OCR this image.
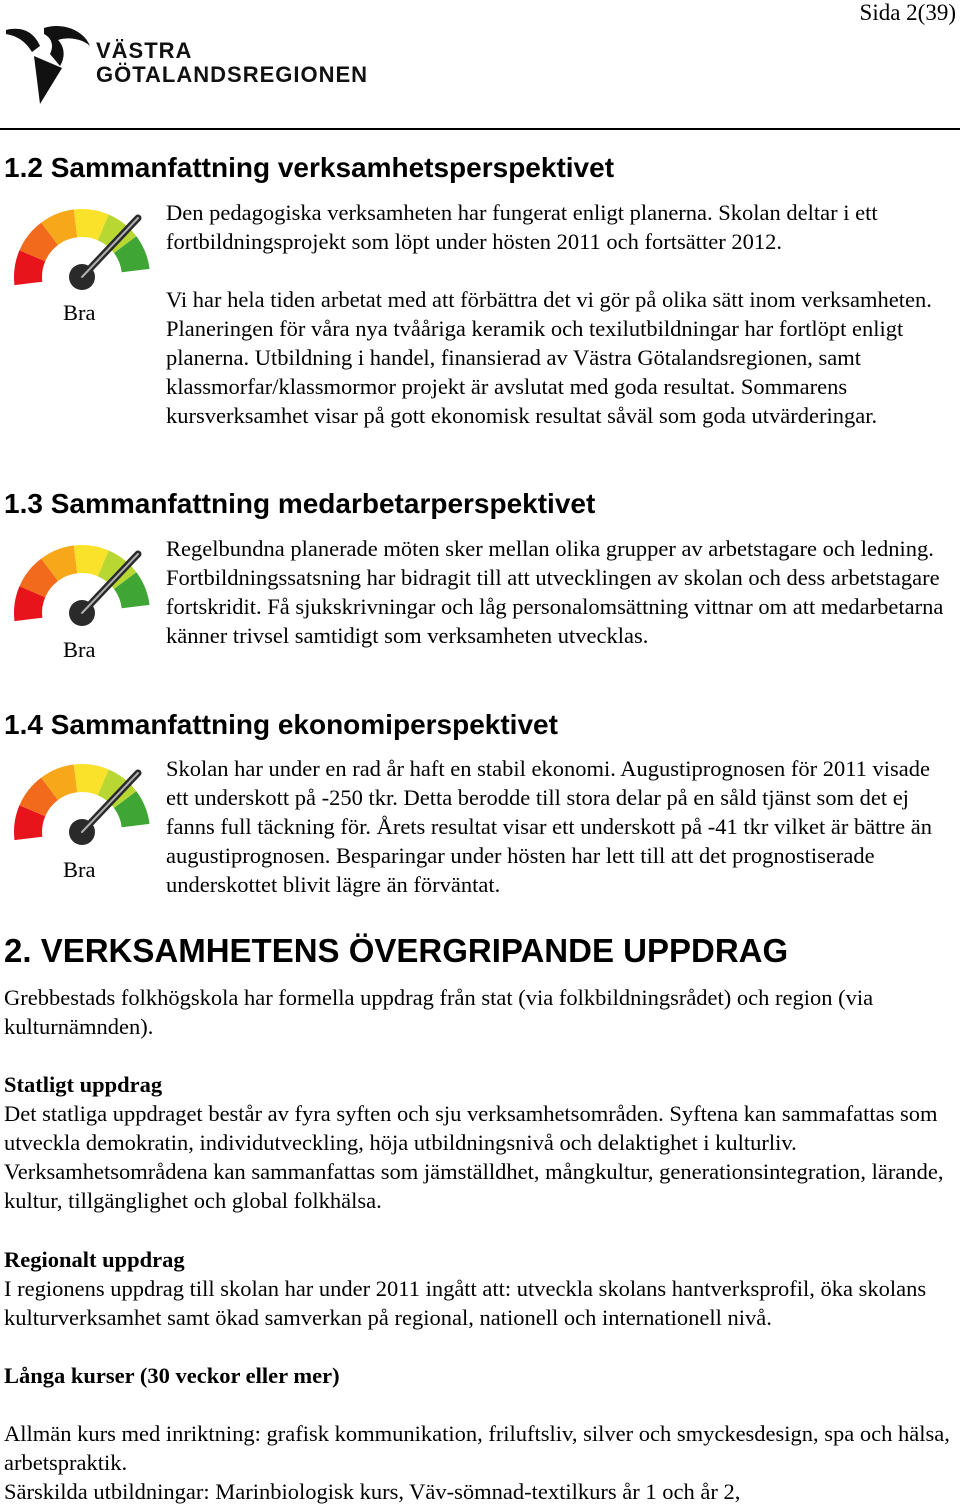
Sida 2(39)
VÄSTRA
GÖTALANDSREGIONEN
1.2 Sammanfattning verksamhetsperspektivet
Bra

Den pedagogiska verksamheten har fungerat enligt planerna. Skolan deltar i ett fortbildningsprojekt som löpt under hösten 2011 och fortsätter 2012.

Vi har hela tiden arbetat med att förbättra det vi gör på olika sätt inom verksamheten. Planeringen för våra nya tvååriga keramik och texilutbildningar har fortlöpt enligt planerna. Utbildning i handel, finansierad av Västra Götalandsregionen, samt klassmorfar/klassmormor projekt är avslutat med goda resultat. Sommarens kursverksamhet visar på gott ekonomisk resultat såväl som goda utvärderingar.

1.3 Sammanfattning medarbetarperspektivet
Bra

Regelbundna planerade möten sker mellan olika grupper av arbetstagare och ledning. Fortbildningssatsning har bidragit till att utvecklingen av skolan och dess arbetstagare fortskridit. Få sjukskrivningar och låg personalomsättning vittnar om att medarbetarna känner trivsel samtidigt som verksamheten utvecklas.

1.4 Sammanfattning ekonomiperspektivet
Bra

Skolan har under en rad år haft en stabil ekonomi. Augustiprognosen för 2011 visade ett underskott på -250 tkr. Detta berodde till stora delar på en såld tjänst som det ej fanns full täckning för. Årets resultat visar ett underskott på -41 tkr vilket är bättre än augustiprognosen. Besparingar under hösten har lett till att det prognostiserade underskottet blivit lägre än förväntat.

2. VERKSAMHETENS ÖVERGRIPANDE UPPDRAG

Grebbestads folkhögskola har formella uppdrag från stat (via folkbildningsrådet) och region (via kulturnämnden).

Statligt uppdrag

Det statliga uppdraget består av fyra syften och sju verksamhetsområden. Syftena kan sammafattas som utveckla demokratin, individutveckling, höja utbildningsnivå och delaktighet i kulturliv. Verksamhetsområdena kan sammanfattas som jämställdhet, mångkultur, generationsintegration, lärande, kultur, tillgänglighet och global folkhälsa.

Regionalt uppdrag

I regionens uppdrag till skolan har under 2011 ingått att: utveckla skolans hantverksprofil, öka skolans kulturverksamhet samt ökad samverkan på regional, nationell och internationell nivå.

Långa kurser (30 veckor eller mer)

Allmän kurs med inriktning: grafisk kommunikation, friluftsliv, silver och smyckesdesign, spa och hälsa, arbetspraktik.

Särskilda utbildningar: Marinbiologisk kurs, Väv-sömnad-textilkurs år 1 och år 2,
